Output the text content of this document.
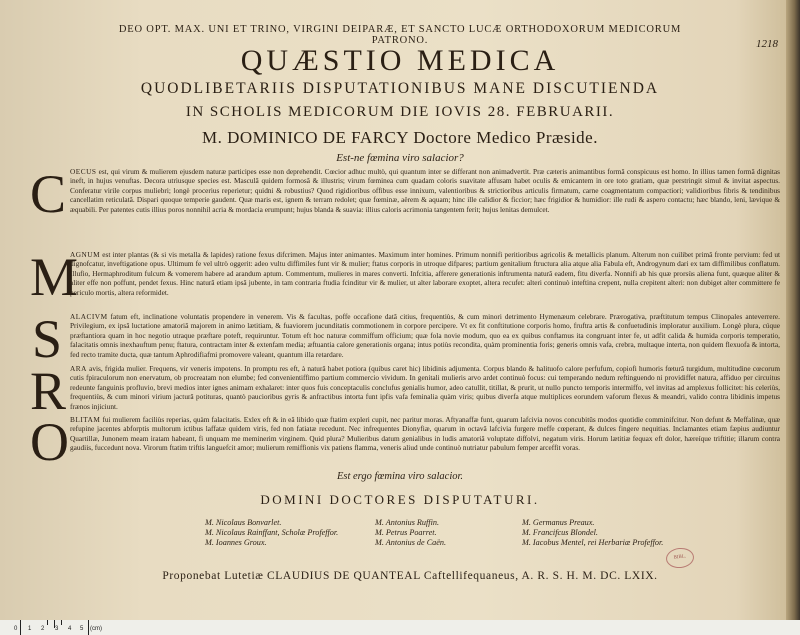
1218
DEO OPT. MAX. UNI ET TRINO, VIRGINI DEIPARÆ, ET SANCTO LUCÆ ORTHODOXORUM MEDICORUM PATRONO.
QUÆSTIO MEDICA
QUODLIBETARIIS DISPUTATIONIBUS MANE DISCUTIENDA
IN SCHOLIS MEDICORUM DIE IOVIS 28. FEBRUARII.
M. DOMINICO DE FARCY Doctore Medico Præside.
Est-ne fœmina viro salacior?
C OECUS est, qui virum & mulierem ejusdem naturæ participes esse non deprehendit. Cœcior adhuc multò, qui quantum inter se differant non animadvertit. Præ cæteris animantibus formâ conspicuus est homo. In illius tamen formâ dignitas ineft, in hujus venuftas. Decora utriusque species est. Masculâ quidem formosâ & illustris; virum fœminea cum quadam coloris suavitate affusam habet oculis & emicantem in ore toto gratiam, quæ perstringit simul & invitat aspectus. Conferatur virile corpus muliebri; longè procerius reperietur; quidni & robustius? Quod rigidioribus offibus esse innixum, valentioribus & strictioribus articulis firmatum, carne coagmentatum compactiori; validioribus fibris & tendinibus cancellatim reticulatâ. Dispari quoque temperie gaudent. Quæ maris est, ignem & terram redolet; quæ fœminæ, aërem & aquam; hinc ille calidior & ficcior; hæc frigidior & humidior: ille rudi & aspero contactu; hæc blando, leni, lævique & æquabili. Per patentes cutis illius poros nonnihil acria & mordacia erumpunt; hujus blanda & suavia: illius caloris acrimonia tangentem ferit; hujus lenitas demulcet.
M
AGNUM est inter plantas (& si vis metalla & lapides) ratione fexus difcrimen. Majus inter animantes. Maximum inter homines. Primum nonnifi peritioribus agricolis & metallicis planum. Alterum non cuilibet primâ fronte pervium: fed ut dignofcatur, inveftigatione opus. Ultimum fe vel ultrò oggerit: adeo vultu diffimiles funt vir & mulier; ftatus corporis in utroque difpares; partium genitalium ftructura alia atque alia Fabula eft, Androgynum dari ex tam diffimilibus conflatum. Illufio, Hermaphroditum fulcum & vomerem habere ad arandum aptum. Commentum, mulieres in mares converti. Infcitia, afferere generationis inftrumenta naturâ eadem, fitu diverfa. Nonnifi ab his quæ prorsùs aliena funt, quæque aliter & aliter effe non poffunt, pendet fexus. Hinc naturâ etiam ipsâ jubente, in tam contraria ftudia fcinditur vir & mulier, ut alter laborare exoptet, altera recufet: alteri continuò inteftina crepent, nulla crepitent alteri: non dubiget alter committere fe periculo mortis, altera reformidet.
S ALACIVM fatum eft, inclinatione voluntatis propendere in venerem. Vis & facultas, poffe occafione datâ citius, frequentiùs, & cum minori detrimento Hymenæum celebrare. Prærogativa, præftitutum tempus Clinopales anteverrere. Privilegium, ex ipsâ luctatione amatoriâ majorem in animo lætitiam, & fuaviorem jucunditatis commotionem in corpore percipere. Vt ex fit conftitutione corporis homo, fruftra artis & confuetudinis imploratur auxilium. Longè plura, cúque præftantiora quam in hoc negotio utraque præftare poteft, requiruntur. Totum eft hoc naturæ commiffum officium; quæ fola novie modum, quo ea ex quibus conftamus ita congruant inter fe, ut adfit calida & humida corporis temperatio, falacitatis omnis inexhauftum penu; ftatura, contractam inter & extenfam media; æftuantia calore generationis organa; intus potiùs recondita, quàm prominentia foris; generis omnis vafa, crebra, multaque interta, non quidem flexuofa & intorta, fed recto tramite ducta, quæ tantum Aphrodifiafmi promovere valeant, quantum illa retardare.
R ARA avis, frigida mulier. Frequens, vir veneris impotens. In promptu res eft, à naturâ habet potiora (quibus caret hic) libidinis adjumenta. Corpus blando & halituofo calore perfufum, copiofi humoris fœturâ turgidum, multitudine cœcorum cutis fpiraculorum non enervatum, ob procreatam non elumbe; fed convenientiffimo partium commercio vividum. In genitali mulieris arvo ardet continuò focus: cui temperando nedum reftinguendo ni providiffet natura, affiduo per circuitus redeunte fanguinis profluvio, brevi medios inter ignes animam exhalaret: inter quos fuis conceptaculis conclufus genialis humor, adeo catullit, titillat, & prurit, ut nullo puncto temporis intermiffo, vel invitas ad amplexus follicitet: his celeriùs, frequentiùs, & cum minori virium jacturâ potituras, quantò paucioribus gyris & anfractibus intorta funt ipfis vafa feminalia quàm viris; quibus diverfa atque multiplices eorundem vaforum flexus & meandri, valido contra libidinis impetus frænos injiciunt.
O BLITAM fui mulierem faciliùs reperias, quàm falacitatis. Exlex eft & in eâ libido quæ ftatim expleri cupit, nec paritur moras. Aftyanaffæ funt, quarum lafcivia novos concubitûs modos quotidie comminifcitur. Non defunt & Meffalinæ, quæ refupine jacentes abforptis multorum ictibus laffatæ quidem viris, fed non fatiatæ recedunt. Nec infrequentes Dionyfiæ, quarum in octavâ lafcivia furgere meffe cœperant, & dulces fingere nequitias. Inclamantes etiam fæpius audiuntur Quartillæ, Junonem meam iratam habeant, fi unquam me meminerim virginem. Quid plura? Mulieribus datum genialibus in ludis amatoriâ voluptate diffolvi, negatum viris. Horum lætitiæ fequax eft dolor, hæreíque triftitie; illarum contra gaudiis, fuccedunt nova. Virorum ftatim triftis languefcit amor; mulierum remiffionis vix patiens flamma, veneris aliud unde continuò nutriatur pabulum femper arceffit voras.
Est ergo fœmina viro salacior.
DOMINI DOCTORES DISPUTATURI.
M. Nicolaus Bonvarlet.
M. Nicolaus Rainffant, Scholæ Profeffor.
M. Ioannes Groux.
M. Antonius Ruffin.
M. Petrus Poarret.
M. Antonius de Caën.
M. Germanus Preaux.
M. Francifcus Blondel.
M. Iacobus Mentel, rei Herbariæ Profeffor.
BIBL.
Proponebat Lutetiæ CLAUDIUS DE QUANTEAL Caftellifequaneus, A. R. S. H. M. DC. LXIX.
0 1 2 3 4 5 (cm)
